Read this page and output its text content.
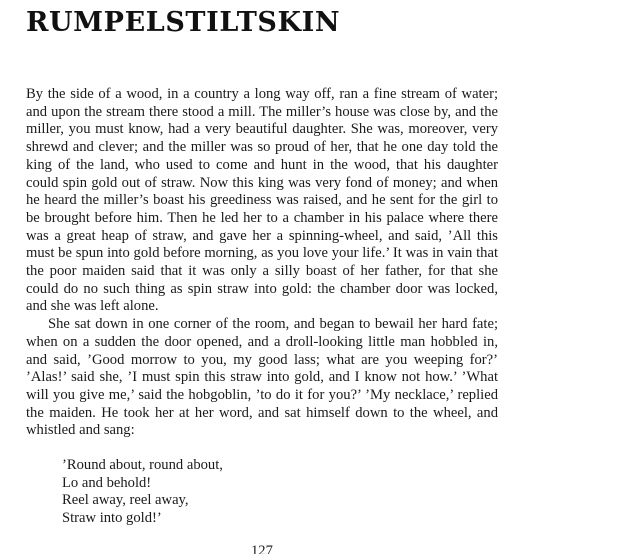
RUMPELSTILTSKIN

By the side of a wood, in a country a long way off, ran a fine stream of water; and upon the stream there stood a mill. The miller’s house was close by, and the miller, you must know, had a very beautiful daughter. She was, moreover, very shrewd and clever; and the miller was so proud of her, that he one day told the king of the land, who used to come and hunt in the wood, that his daughter could spin gold out of straw. Now this king was very fond of money; and when he heard the miller’s boast his greediness was raised, and he sent for the girl to be brought before him. Then he led her to a chamber in his palace where there was a great heap of straw, and gave her a spinning-wheel, and said, ’All this must be spun into gold before morning, as you love your life.’ It was in vain that the poor maiden said that it was only a silly boast of her father, for that she could do no such thing as spin straw into gold: the chamber door was locked, and she was left alone.

She sat down in one corner of the room, and began to bewail her hard fate; when on a sudden the door opened, and a droll-looking little man hobbled in, and said, ’Good morrow to you, my good lass; what are you weeping for?’ ’Alas!’ said she, ’I must spin this straw into gold, and I know not how.’ ’What will you give me,’ said the hobgoblin, ’to do it for you?’ ’My necklace,’ replied the maiden. He took her at her word, and sat himself down to the wheel, and whistled and sang:

’Round about, round about,
Lo and behold!
Reel away, reel away,
Straw into gold!’
127
